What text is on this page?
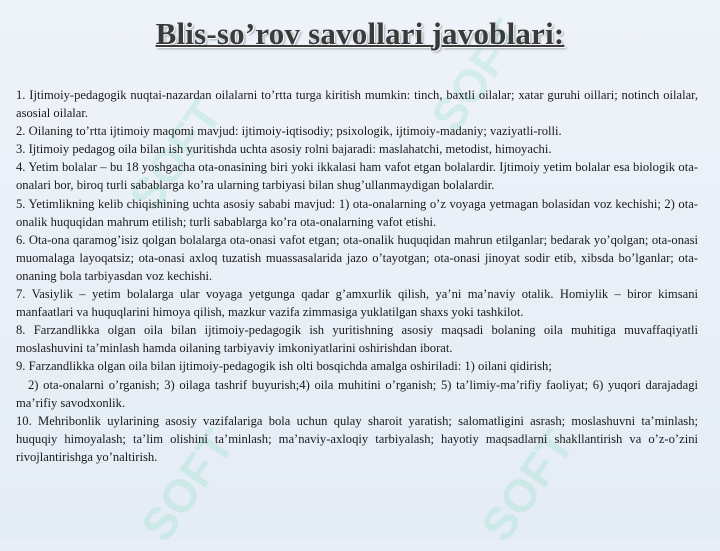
SOFT
SOFT
SOFT	SOFT
Blis-so’rov savollari javoblari:

1. Ijtimoiy-pedagogik nuqtai-nazardan oilalarni to’rtta turga kiritish mumkin: tinch, baxtli oilalar; xatar guruhi oillari; notinch oilalar, asosial oilalar.

2. Oilaning to’rtta ijtimoiy maqomi mavjud: ijtimoiy-iqtisodiy; psixologik, ijtimoiy-madaniy; vaziyatli-rolli.

3. Ijtimoiy pedagog oila bilan ish yuritishda uchta asosiy rolni bajaradi: maslahatchi, metodist, himoyachi.

4. Yetim bolalar – bu 18 yoshgacha ota-onasining biri yoki ikkalasi ham vafot etgan bolalardir. Ijtimoiy yetim bolalar esa biologik ota-onalari bor, biroq turli sabablarga ko’ra ularning tarbiyasi bilan shug’ullanmaydigan bolalardir.

5. Yetimlikning kelib chiqishining uchta asosiy sababi mavjud: 1) ota-onalarning o’z voyaga yetmagan bolasidan voz kechishi; 2) ota-onalik huquqidan mahrum etilish; turli sabablarga ko’ra ota-onalarning vafot etishi.

6. Ota-ona qaramog’isiz qolgan bolalarga ota-onasi vafot etgan; ota-onalik huquqidan mahrun etilganlar; bedarak yo’qolgan; ota-onasi muomalaga layoqatsiz; ota-onasi axloq tuzatish muassasalarida jazo o’tayotgan; ota-onasi jinoyat sodir etib, xibsda bo’lganlar; ota-onaning bola tarbiyasdan voz kechishi.

7. Vasiylik – yetim bolalarga ular voyaga yetgunga qadar g’amxurlik qilish, ya’ni ma’naviy otalik. Homiylik – biror kimsani manfaatlari va huquqlarini himoya qilish, mazkur vazifa zimmasiga yuklatilgan shaxs yoki tashkilot.

8. Farzandlikka olgan oila bilan ijtimoiy-pedagogik ish yuritishning asosiy maqsadi bolaning oila muhitiga muvaffaqiyatli moslashuvini ta’minlash hamda oilaning tarbiyaviy imkoniyatlarini oshirishdan iborat.

9. Farzandlikka olgan oila bilan ijtimoiy-pedagogik ish olti bosqichda amalga oshiriladi: 1) oilani qidirish;

2) ota-onalarni o’rganish; 3) oilaga tashrif buyurish;4) oila muhitini o’rganish; 5) ta’limiy-ma’rifiy faoliyat; 6) yuqori darajadagi ma’rifiy savodxonlik.

10. Mehribonlik uylarining asosiy vazifalariga bola uchun qulay sharoit yaratish; salomatligini asrash; moslashuvni ta’minlash; huquqiy himoyalash; ta’lim olishini ta’minlash; ma’naviy-axloqiy tarbiyalash; hayotiy maqsadlarni shakllantirish va o’z-o’zini rivojlantirishga yo’naltirish.
